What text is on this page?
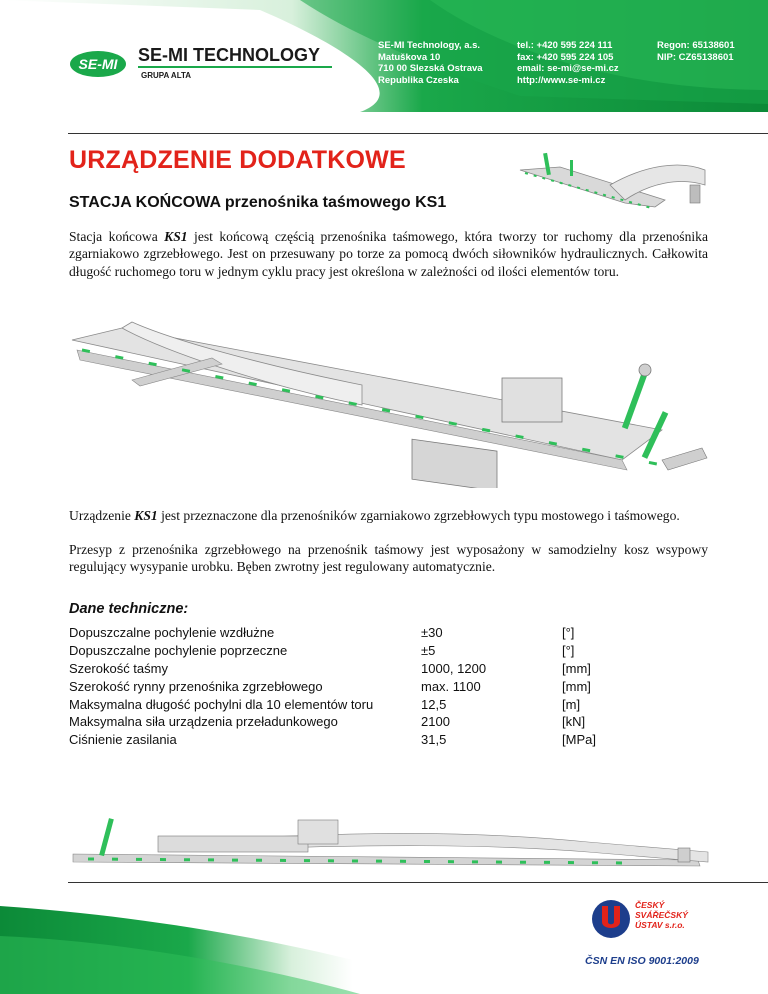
SE-MI SE-MI TECHNOLOGY
GRUPA ALTA
SE-MI Technology, a.s.
Matuškova 10
710 00 Slezská Ostrava
Republika Czeska
tel.: +420 595 224 111
fax: +420 595 224 105
email: se-mi@se-mi.cz
http://www.se-mi.cz
Regon: 65138601
NIP: CZ65138601
URZĄDZENIE DODATKOWE
STACJA KOŃCOWA przenośnika taśmowego KS1

Stacja końcowa KS1 jest końcową częścią przenośnika taśmowego, która tworzy tor ruchomy dla przenośnika zgarniakowo zgrzebłowego. Jest on przesuwany po torze za pomocą dwóch siłowników hydraulicznych. Całkowita długość ruchomego toru w jednym cyklu pracy jest określona w zależności od ilości elementów toru.

Urządzenie KS1 jest przeznaczone dla przenośników zgarniakowo zgrzebłowych typu mostowego i taśmowego.

Przesyp z przenośnika zgrzebłowego na przenośnik taśmowy jest wyposażony w samodzielny kosz wsypowy regulujący wysypanie urobku. Bęben zwrotny jest regulowany automatycznie.

Dane techniczne:
Dopuszczalne pochylenie wzdłużne	±30	[°]
Dopuszczalne pochylenie poprzeczne	±5	[°]
Szerokość taśmy	1000, 1200	[mm]
Szerokość rynny przenośnika zgrzebłowego	max. 1100	[mm]
Maksymalna długość pochylni dla 10 elementów toru	12,5	[m]
Maksymalna siła urządzenia przeładunkowego	2100	[kN]
Ciśnienie zasilania	31,5	[MPa]
ČESKÝ
SVÁŘEČSKÝ
ÚSTAV s.r.o.
ČSN EN ISO 9001:2009
